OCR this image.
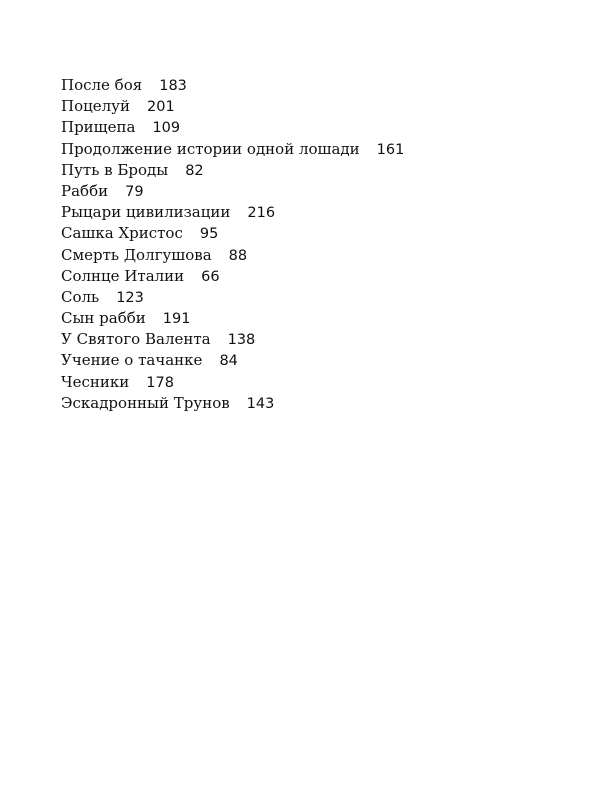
После боя 183
Поцелуй 201
Прищепа 109
Продолжение истории одной лошади 161
Путь в Броды 82
Рабби 79
Рыцари цивилизации 216
Сашка Христос 95
Смерть Долгушова 88
Солнце Италии 66
Соль 123
Сын рабби 191
У Святого Валента 138
Учение о тачанке 84
Чесники 178
Эскадронный Трунов 143
